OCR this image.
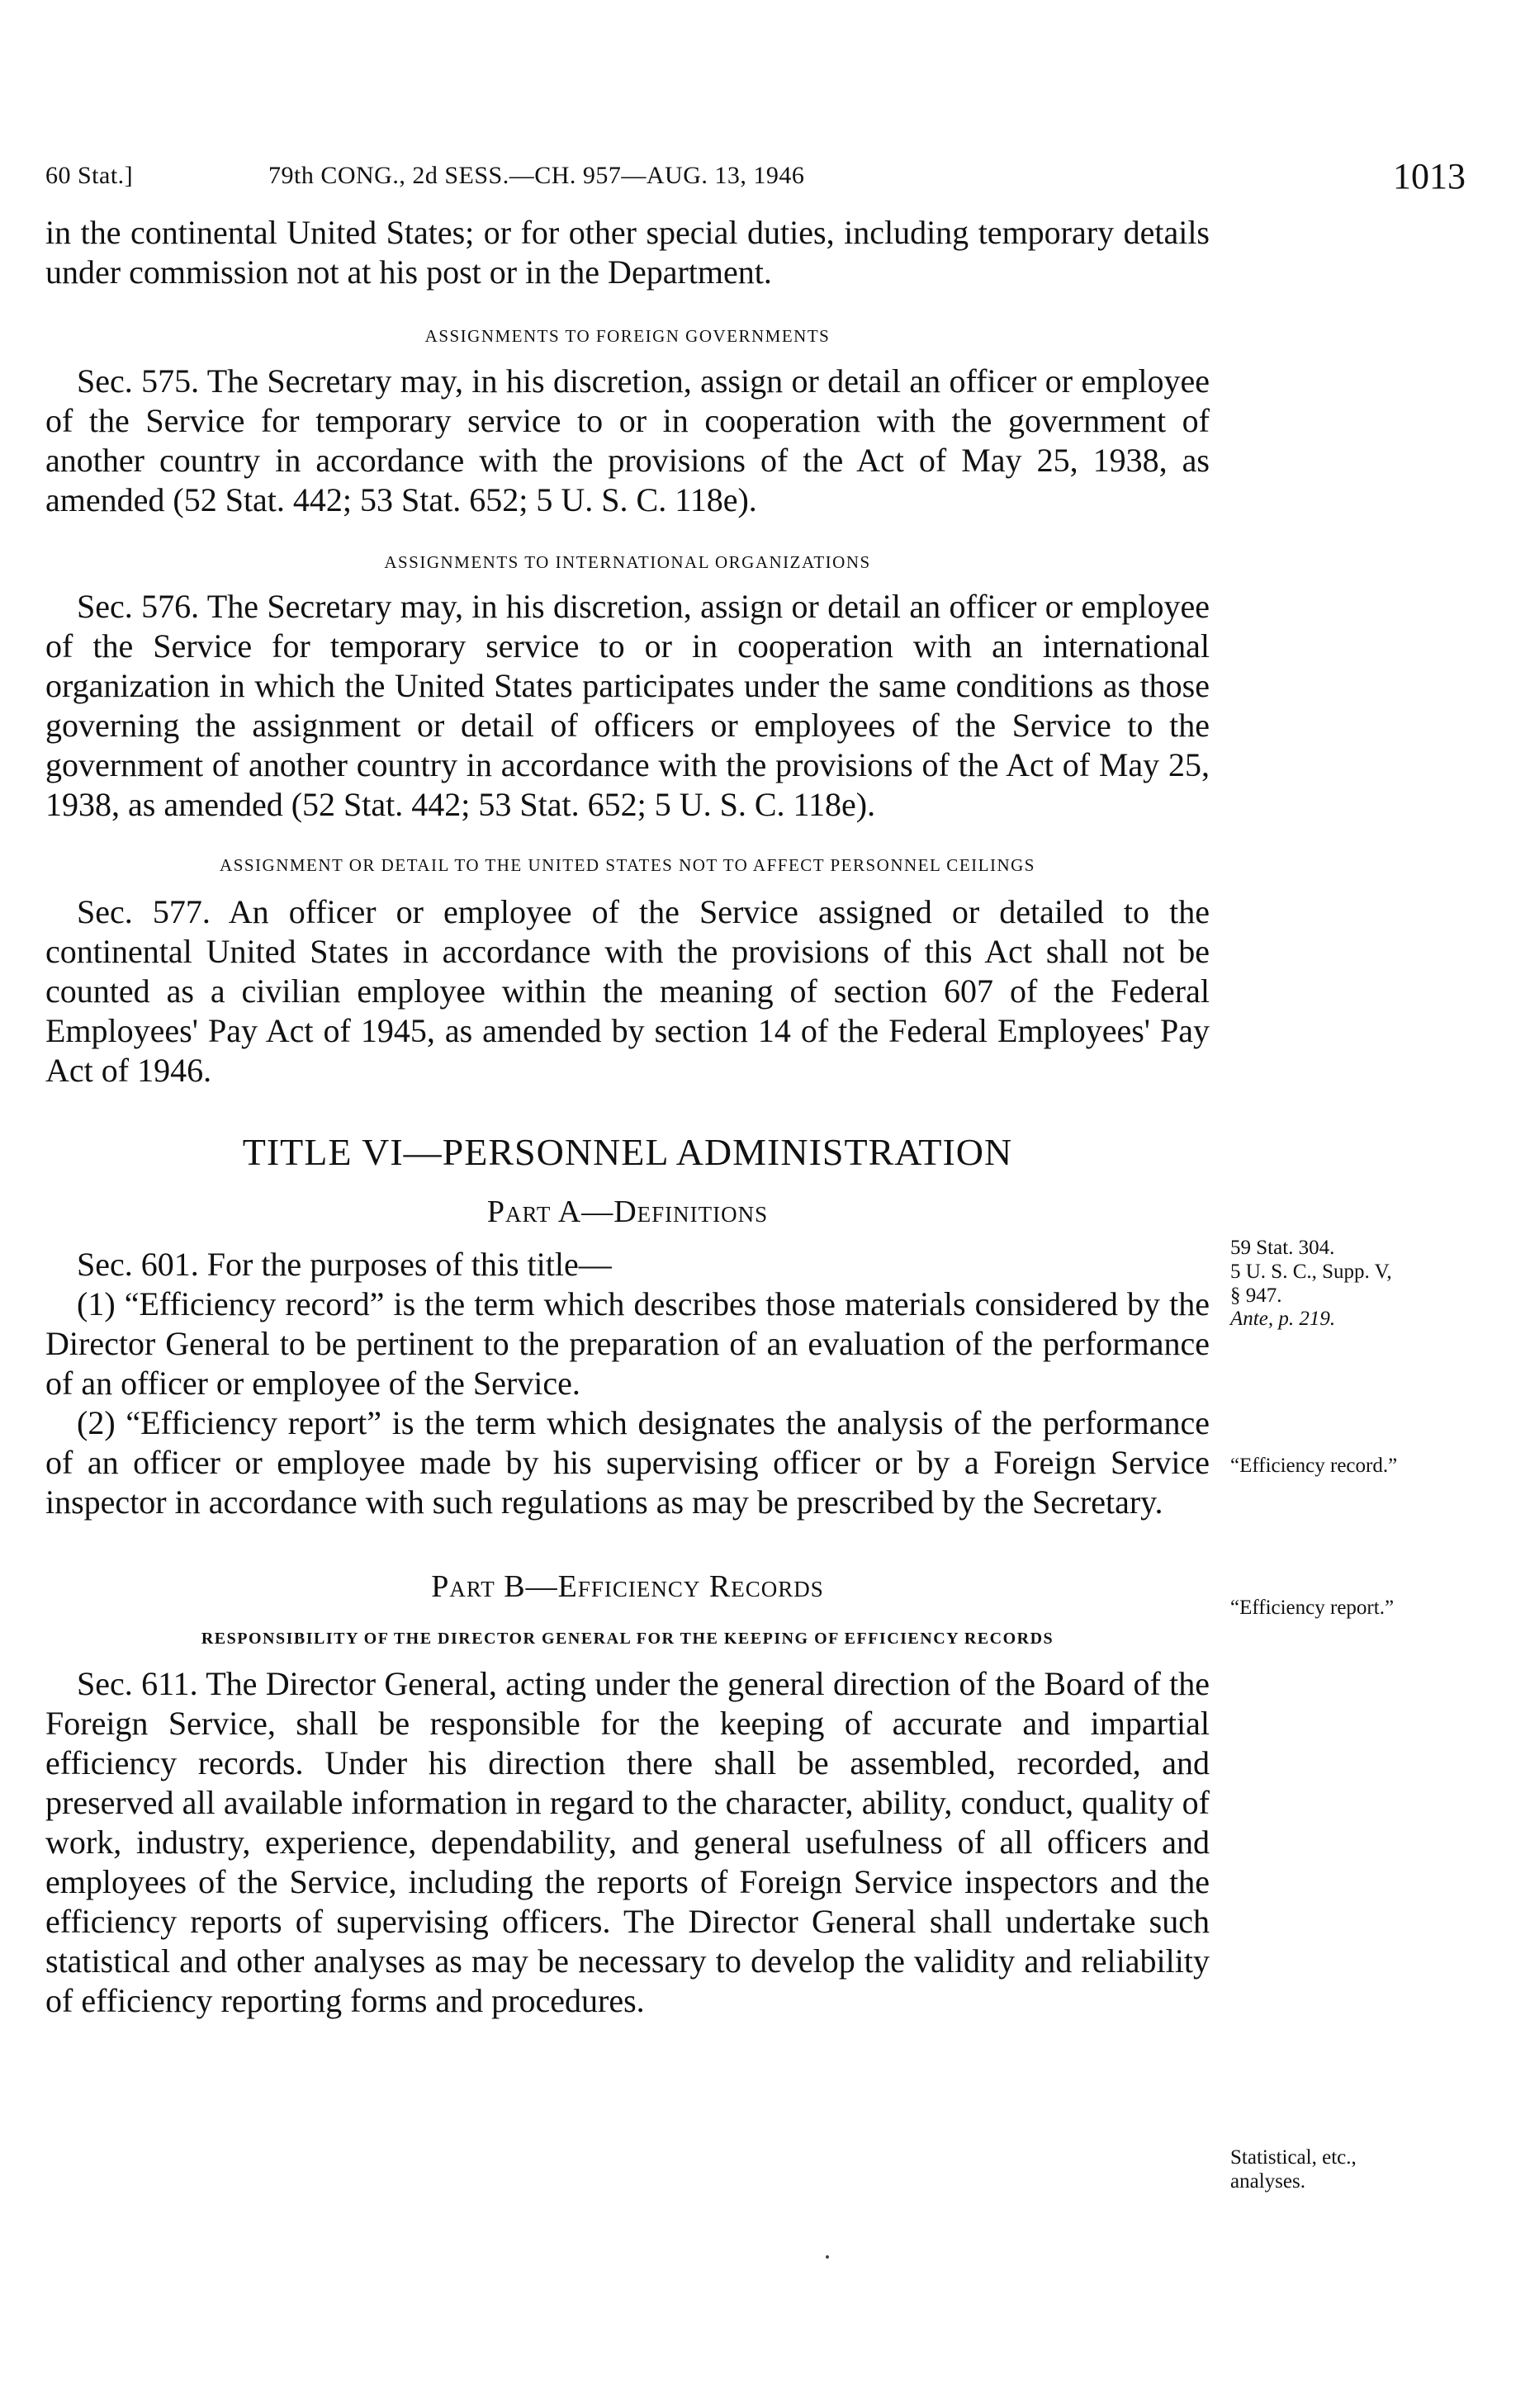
60 Stat.]	79th CONG., 2d SESS.—CH. 957—AUG. 13, 1946	1013

in the continental United States; or for other special duties, including temporary details under commission not at his post or in the Department.

ASSIGNMENTS TO FOREIGN GOVERNMENTS

Sec. 575. The Secretary may, in his discretion, assign or detail an officer or employee of the Service for temporary service to or in cooperation with the government of another country in accordance with the provisions of the Act of May 25, 1938, as amended (52 Stat. 442; 53 Stat. 652; 5 U. S. C. 118e).

ASSIGNMENTS TO INTERNATIONAL ORGANIZATIONS

Sec. 576. The Secretary may, in his discretion, assign or detail an officer or employee of the Service for temporary service to or in cooperation with an international organization in which the United States participates under the same conditions as those governing the assignment or detail of officers or employees of the Service to the government of another country in accordance with the provisions of the Act of May 25, 1938, as amended (52 Stat. 442; 53 Stat. 652; 5 U. S. C. 118e).

ASSIGNMENT OR DETAIL TO THE UNITED STATES NOT TO AFFECT PERSONNEL CEILINGS

Sec. 577. An officer or employee of the Service assigned or detailed to the continental United States in accordance with the provisions of this Act shall not be counted as a civilian employee within the meaning of section 607 of the Federal Employees' Pay Act of 1945, as amended by section 14 of the Federal Employees' Pay Act of 1946.

TITLE VI—PERSONNEL ADMINISTRATION

Part A—Definitions

Sec. 601. For the purposes of this title—

(1) “Efficiency record” is the term which describes those materials considered by the Director General to be pertinent to the preparation of an evaluation of the performance of an officer or employee of the Service.

(2) “Efficiency report” is the term which designates the analysis of the performance of an officer or employee made by his supervising officer or by a Foreign Service inspector in accordance with such regulations as may be prescribed by the Secretary.

Part B—Efficiency Records

RESPONSIBILITY OF THE DIRECTOR GENERAL FOR THE KEEPING OF EFFICIENCY RECORDS

Sec. 611. The Director General, acting under the general direction of the Board of the Foreign Service, shall be responsible for the keeping of accurate and impartial efficiency records. Under his direction there shall be assembled, recorded, and preserved all available information in regard to the character, ability, conduct, quality of work, industry, experience, dependability, and general usefulness of all officers and employees of the Service, including the reports of Foreign Service inspectors and the efficiency reports of supervising officers. The Director General shall undertake such statistical and other analyses as may be necessary to develop the validity and reliability of efficiency reporting forms and procedures.

59 Stat. 304.
5 U. S. C., Supp. V,
§ 947.
Ante, p. 219.
“Efficiency record.”
“Efficiency report.”
Statistical, etc.,
analyses.
